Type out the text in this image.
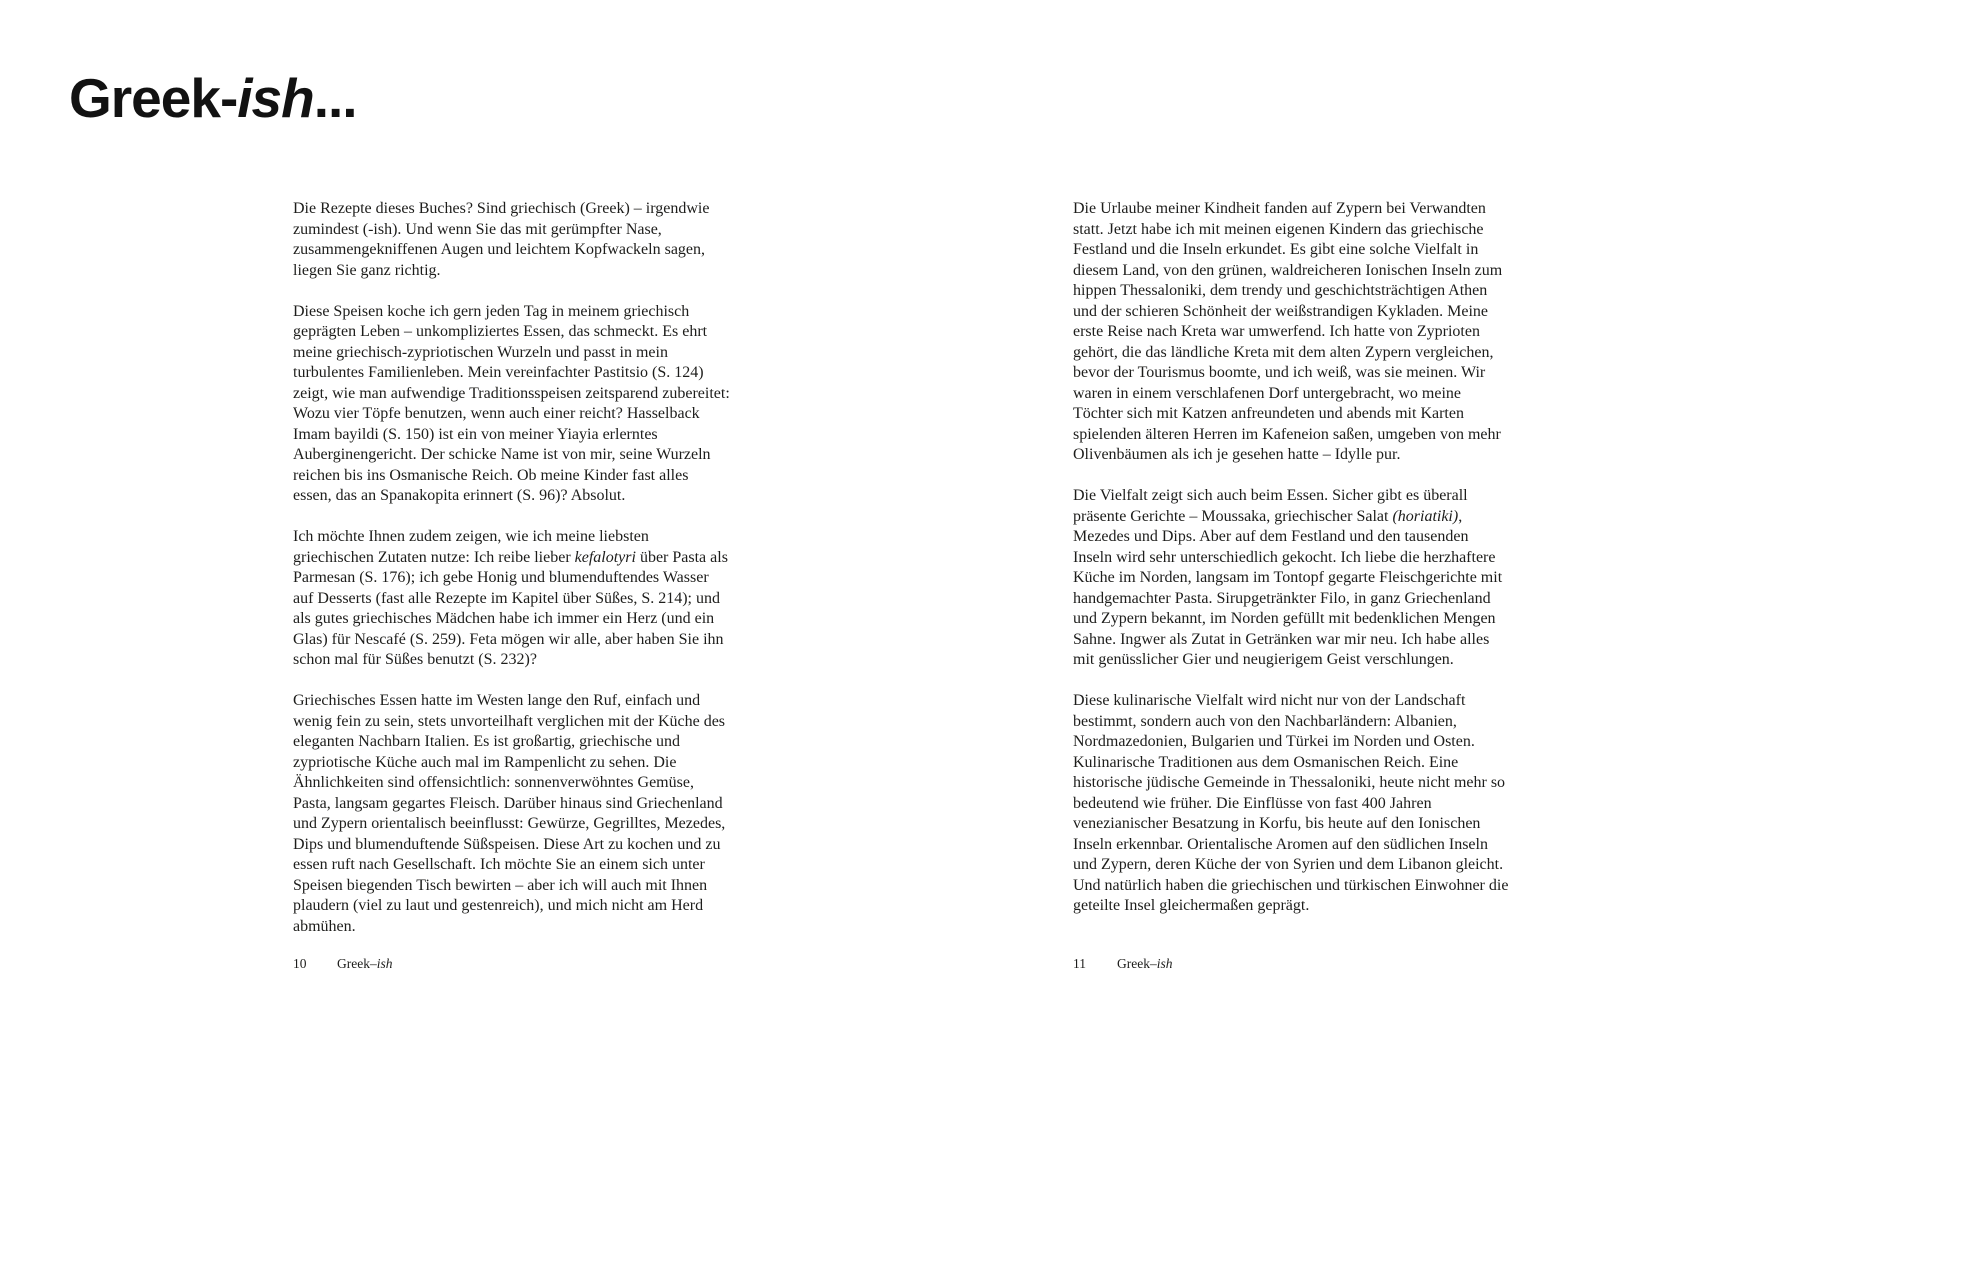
Greek-ish...

Die Rezepte dieses Buches? Sind griechisch (Greek) – irgendwie zumindest (-ish). Und wenn Sie das mit gerümpfter Nase, zusammengekniffenen Augen und leichtem Kopfwackeln sagen, liegen Sie ganz richtig.

Diese Speisen koche ich gern jeden Tag in meinem griechisch geprägten Leben – unkompliziertes Essen, das schmeckt. Es ehrt meine griechisch-zypriotischen Wurzeln und passt in mein turbulentes Familienleben. Mein vereinfachter Pastitsio (S. 124) zeigt, wie man aufwendige Traditionsspeisen zeitsparend zubereitet: Wozu vier Töpfe benutzen, wenn auch einer reicht? Hasselback Imam bayildi (S. 150) ist ein von meiner Yiayia erlerntes Auberginengericht. Der schicke Name ist von mir, seine Wurzeln reichen bis ins Osmanische Reich. Ob meine Kinder fast alles essen, das an Spanakopita erinnert (S. 96)? Absolut.

Ich möchte Ihnen zudem zeigen, wie ich meine liebsten griechischen Zutaten nutze: Ich reibe lieber kefalotyri über Pasta als Parmesan (S. 176); ich gebe Honig und blumenduftendes Wasser auf Desserts (fast alle Rezepte im Kapitel über Süßes, S. 214); und als gutes griechisches Mädchen habe ich immer ein Herz (und ein Glas) für Nescafé (S. 259). Feta mögen wir alle, aber haben Sie ihn schon mal für Süßes benutzt (S. 232)?

Griechisches Essen hatte im Westen lange den Ruf, einfach und wenig fein zu sein, stets unvorteilhaft verglichen mit der Küche des eleganten Nachbarn Italien. Es ist großartig, griechische und zypriotische Küche auch mal im Rampenlicht zu sehen. Die Ähnlichkeiten sind offensichtlich: sonnenverwöhntes Gemüse, Pasta, langsam gegartes Fleisch. Darüber hinaus sind Griechenland und Zypern orientalisch beeinflusst: Gewürze, Gegrilltes, Mezedes, Dips und blumenduftende Süßspeisen. Diese Art zu kochen und zu essen ruft nach Gesellschaft. Ich möchte Sie an einem sich unter Speisen biegenden Tisch bewirten – aber ich will auch mit Ihnen plaudern (viel zu laut und gestenreich), und mich nicht am Herd abmühen.

10 Greek–ish

Die Urlaube meiner Kindheit fanden auf Zypern bei Verwandten statt. Jetzt habe ich mit meinen eigenen Kindern das griechische Festland und die Inseln erkundet. Es gibt eine solche Vielfalt in diesem Land, von den grünen, waldreicheren Ionischen Inseln zum hippen Thessaloniki, dem trendy und geschichtsträchtigen Athen und der schieren Schönheit der weißstrandigen Kykladen. Meine erste Reise nach Kreta war umwerfend. Ich hatte von Zyprioten gehört, die das ländliche Kreta mit dem alten Zypern vergleichen, bevor der Tourismus boomte, und ich weiß, was sie meinen. Wir waren in einem verschlafenen Dorf untergebracht, wo meine Töchter sich mit Katzen anfreundeten und abends mit Karten spielenden älteren Herren im Kafeneion saßen, umgeben von mehr Olivenbäumen als ich je gesehen hatte – Idylle pur.

Die Vielfalt zeigt sich auch beim Essen. Sicher gibt es überall präsente Gerichte – Moussaka, griechischer Salat (horiatiki), Mezedes und Dips. Aber auf dem Festland und den tausenden Inseln wird sehr unterschiedlich gekocht. Ich liebe die herzhaftere Küche im Norden, langsam im Tontopf gegarte Fleischgerichte mit handgemachter Pasta. Sirupgetränkter Filo, in ganz Griechenland und Zypern bekannt, im Norden gefüllt mit bedenklichen Mengen Sahne. Ingwer als Zutat in Getränken war mir neu. Ich habe alles mit genüsslicher Gier und neugierigem Geist verschlungen.

Diese kulinarische Vielfalt wird nicht nur von der Landschaft bestimmt, sondern auch von den Nachbarländern: Albanien, Nordmazedonien, Bulgarien und Türkei im Norden und Osten. Kulinarische Traditionen aus dem Osmanischen Reich. Eine historische jüdische Gemeinde in Thessaloniki, heute nicht mehr so bedeutend wie früher. Die Einflüsse von fast 400 Jahren venezianischer Besatzung in Korfu, bis heute auf den Ionischen Inseln erkennbar. Orientalische Aromen auf den südlichen Inseln und Zypern, deren Küche der von Syrien und dem Libanon gleicht. Und natürlich haben die griechischen und türkischen Einwohner die geteilte Insel gleichermaßen geprägt.

11 Greek–ish
